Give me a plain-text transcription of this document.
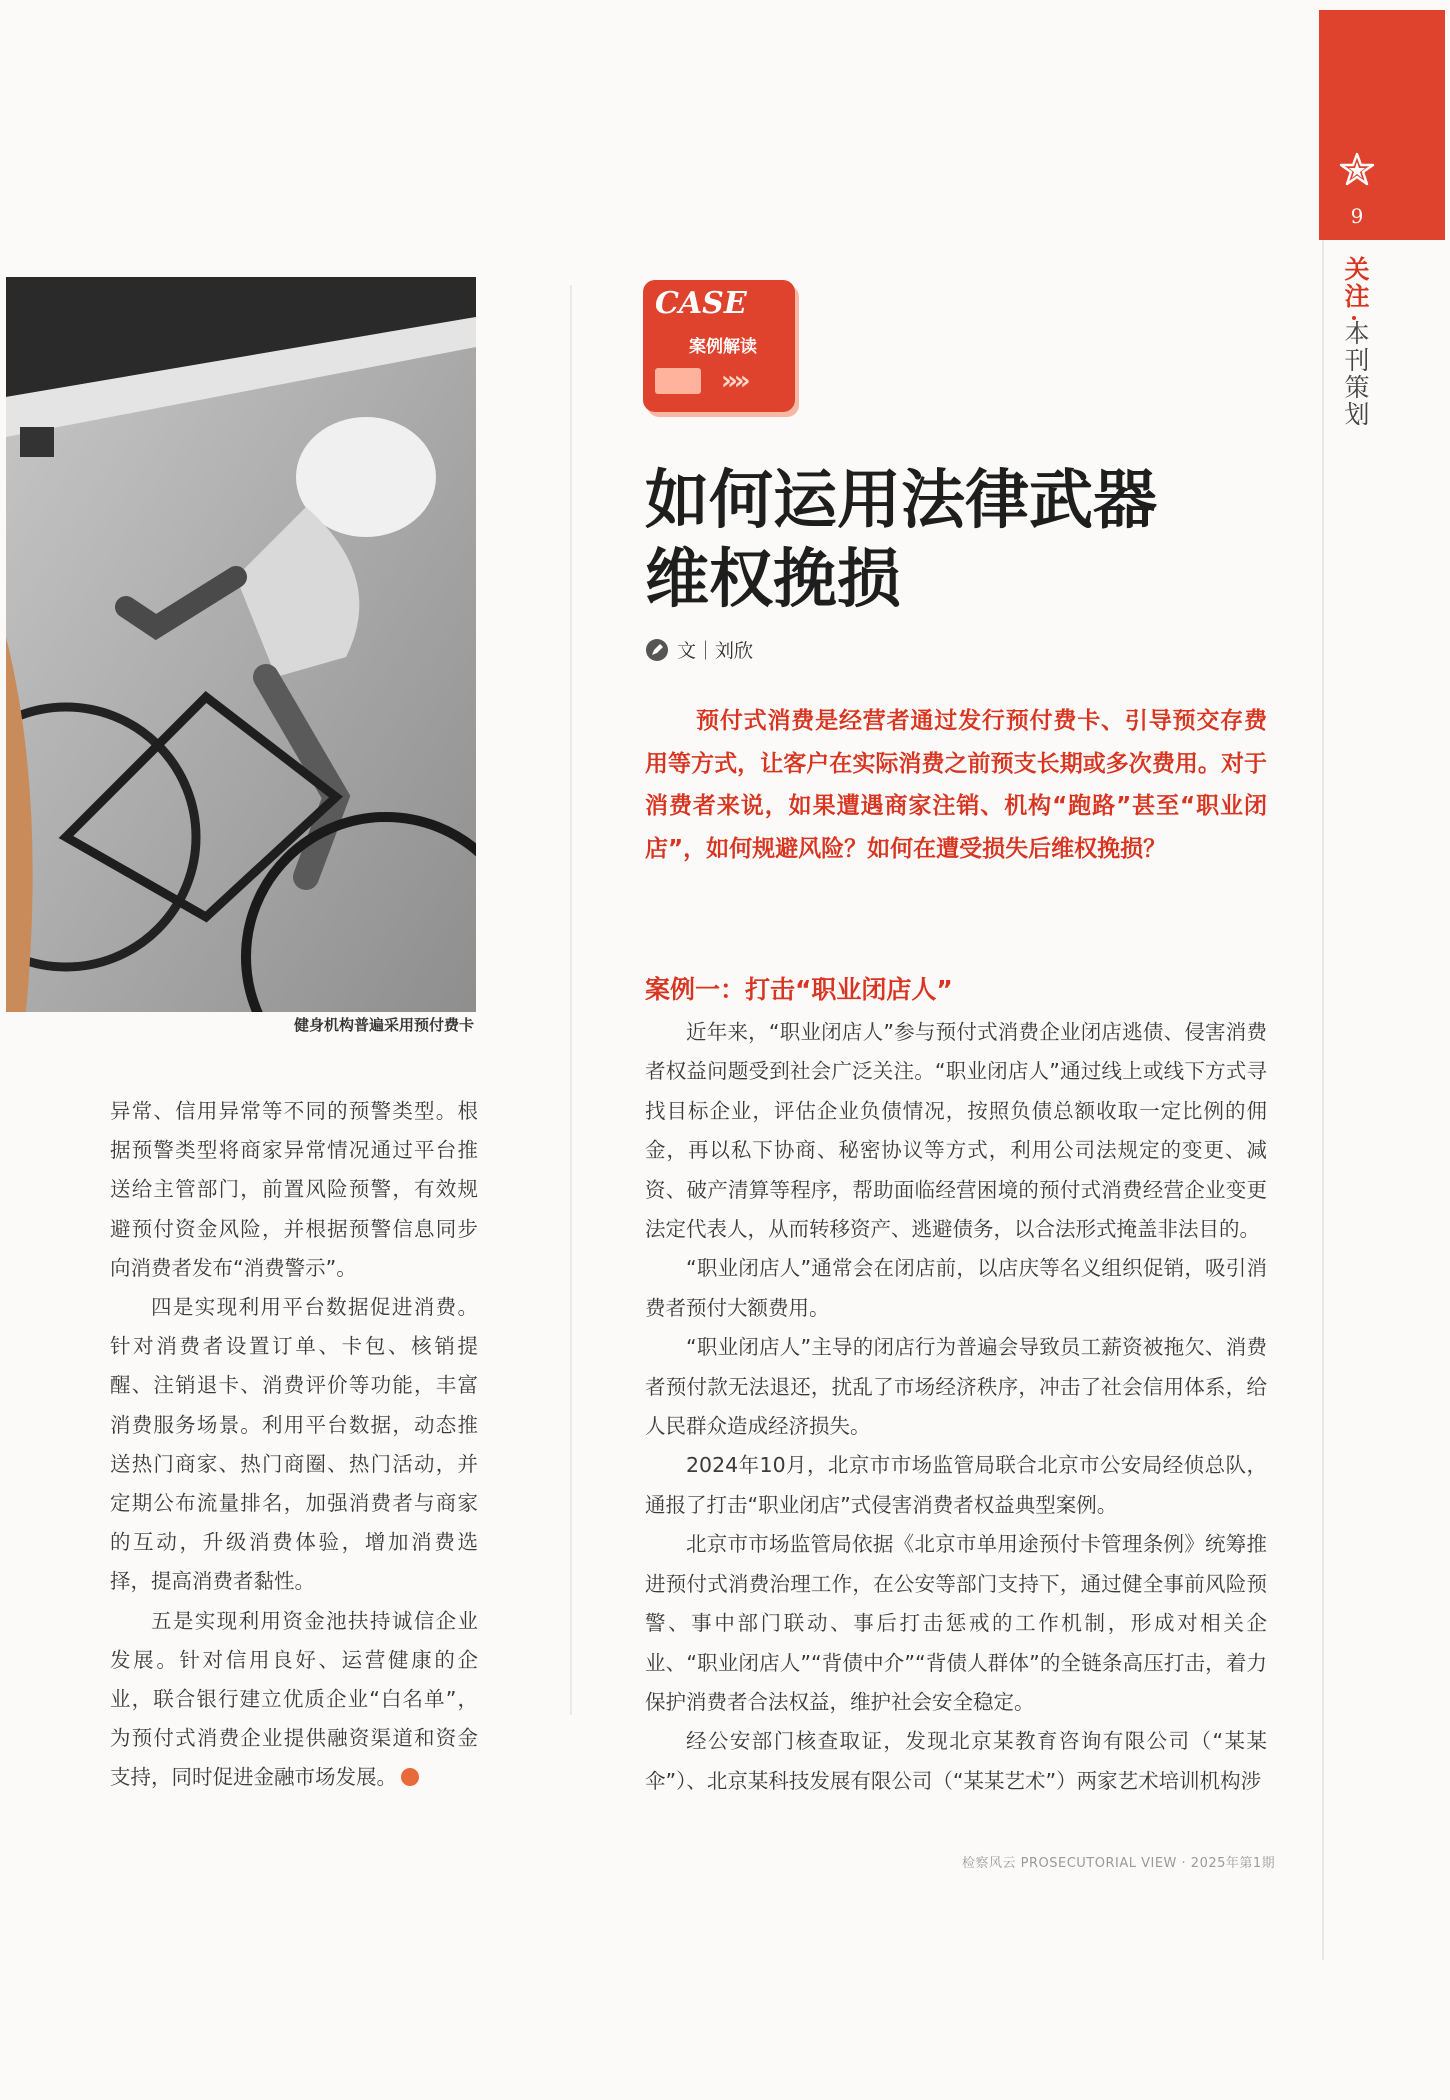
9
关注
本刊策划
健身机构普遍采用预付费卡

异常、信用异常等不同的预警类型。根据预警类型将商家异常情况通过平台推送给主管部门，前置风险预警，有效规避预付资金风险，并根据预警信息同步向消费者发布“消费警示”。

四是实现利用平台数据促进消费。针对消费者设置订单、卡包、核销提醒、注销退卡、消费评价等功能，丰富消费服务场景。利用平台数据，动态推送热门商家、热门商圈、热门活动，并定期公布流量排名，加强消费者与商家的互动，升级消费体验，增加消费选择，提高消费者黏性。

五是实现利用资金池扶持诚信企业发展。针对信用良好、运营健康的企业，联合银行建立优质企业“白名单”，为预付式消费企业提供融资渠道和资金支持，同时促进金融市场发展。

CASE
案例解读
»»
如何运用法律武器
维权挽损
文｜刘欣

预付式消费是经营者通过发行预付费卡、引导预交存费用等方式，让客户在实际消费之前预支长期或多次费用。对于消费者来说，如果遭遇商家注销、机构“跑路”甚至“职业闭店”，如何规避风险？如何在遭受损失后维权挽损？

案例一：打击“职业闭店人”

近年来，“职业闭店人”参与预付式消费企业闭店逃债、侵害消费者权益问题受到社会广泛关注。“职业闭店人”通过线上或线下方式寻找目标企业，评估企业负债情况，按照负债总额收取一定比例的佣金，再以私下协商、秘密协议等方式，利用公司法规定的变更、减资、破产清算等程序，帮助面临经营困境的预付式消费经营企业变更法定代表人，从而转移资产、逃避债务，以合法形式掩盖非法目的。

“职业闭店人”通常会在闭店前，以店庆等名义组织促销，吸引消费者预付大额费用。

“职业闭店人”主导的闭店行为普遍会导致员工薪资被拖欠、消费者预付款无法退还，扰乱了市场经济秩序，冲击了社会信用体系，给人民群众造成经济损失。

2024年10月，北京市市场监管局联合北京市公安局经侦总队，通报了打击“职业闭店”式侵害消费者权益典型案例。

北京市市场监管局依据《北京市单用途预付卡管理条例》统筹推进预付式消费治理工作，在公安等部门支持下，通过健全事前风险预警、事中部门联动、事后打击惩戒的工作机制，形成对相关企业、“职业闭店人”“背债中介”“背债人群体”的全链条高压打击，着力保护消费者合法权益，维护社会安全稳定。

经公安部门核查取证，发现北京某教育咨询有限公司（“某某伞”）、北京某科技发展有限公司（“某某艺术”）两家艺术培训机构涉

检察风云 PROSECUTORIAL VIEW · 2025年第1期
